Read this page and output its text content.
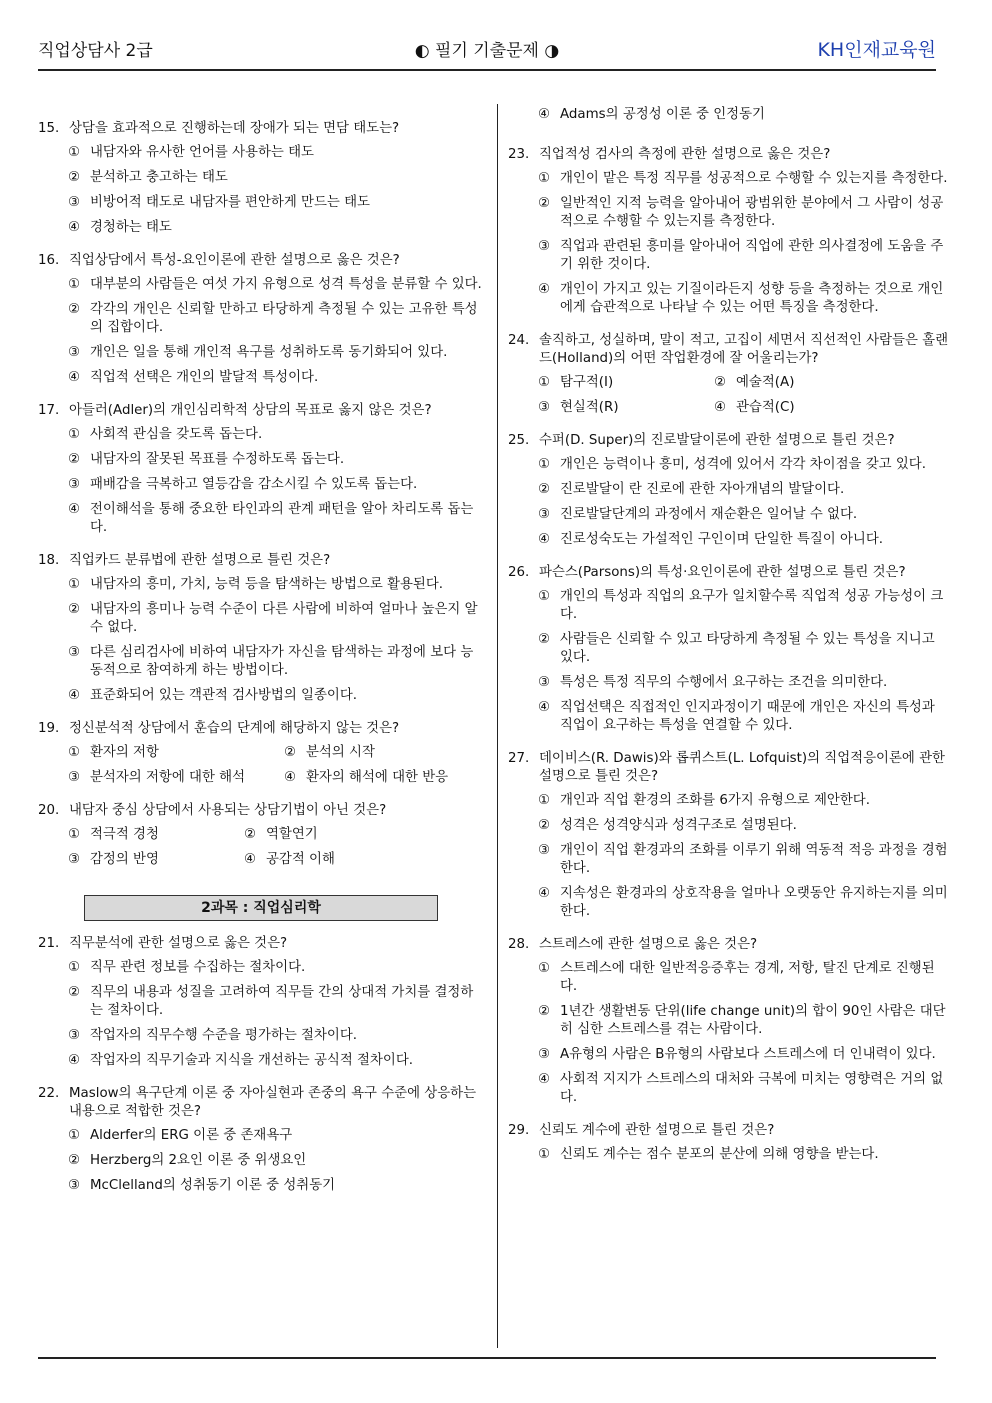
직업상담사 2급	◐ 필기 기출문제 ◑	KH인재교육원
15. 상담을 효과적으로 진행하는데 장애가 되는 면담 태도는?
① 내담자와 유사한 언어를 사용하는 태도
② 분석하고 충고하는 태도
③ 비방어적 태도로 내담자를 편안하게 만드는 태도
④ 경청하는 태도
16. 직업상담에서 특성-요인이론에 관한 설명으로 옳은 것은?
① 대부분의 사람들은 여섯 가지 유형으로 성격 특성을 분류할 수 있다.
② 각각의 개인은 신뢰할 만하고 타당하게 측정될 수 있는 고유한 특성의 집합이다.
③ 개인은 일을 통해 개인적 욕구를 성취하도록 동기화되어 있다.
④ 직업적 선택은 개인의 발달적 특성이다.
17. 아들러(Adler)의 개인심리학적 상담의 목표로 옳지 않은 것은?
① 사회적 관심을 갖도록 돕는다.
② 내담자의 잘못된 목표를 수정하도록 돕는다.
③ 패배감을 극복하고 열등감을 감소시킬 수 있도록 돕는다.
④ 전이해석을 통해 중요한 타인과의 관계 패턴을 알아 차리도록 돕는다.
18. 직업카드 분류법에 관한 설명으로 틀린 것은?
① 내담자의 흥미, 가치, 능력 등을 탐색하는 방법으로 활용된다.
② 내담자의 흥미나 능력 수준이 다른 사람에 비하여 얼마나 높은지 알 수 없다.
③ 다른 심리검사에 비하여 내담자가 자신을 탐색하는 과정에 보다 능동적으로 참여하게 하는 방법이다.
④ 표준화되어 있는 객관적 검사방법의 일종이다.
19. 정신분석적 상담에서 훈습의 단계에 해당하지 않는 것은?
① 환자의 저항	② 분석의 시작
③ 분석자의 저항에 대한 해석	④ 환자의 해석에 대한 반응
20. 내담자 중심 상담에서 사용되는 상담기법이 아닌 것은?
① 적극적 경청	② 역할연기
③ 감정의 반영	④ 공감적 이해
2과목 : 직업심리학
21. 직무분석에 관한 설명으로 옳은 것은?
① 직무 관련 정보를 수집하는 절차이다.
② 직무의 내용과 성질을 고려하여 직무들 간의 상대적 가치를 결정하는 절차이다.
③ 작업자의 직무수행 수준을 평가하는 절차이다.
④ 작업자의 직무기술과 지식을 개선하는 공식적 절차이다.
22. Maslow의 욕구단계 이론 중 자아실현과 존중의 욕구 수준에 상응하는 내용으로 적합한 것은?
① Alderfer의 ERG 이론 중 존재욕구
② Herzberg의 2요인 이론 중 위생요인
③ McClelland의 성취동기 이론 중 성취동기
④ Adams의 공정성 이론 중 인정동기
23. 직업적성 검사의 측정에 관한 설명으로 옳은 것은?
① 개인이 맡은 특정 직무를 성공적으로 수행할 수 있는지를 측정한다.
② 일반적인 지적 능력을 알아내어 광범위한 분야에서 그 사람이 성공적으로 수행할 수 있는지를 측정한다.
③ 직업과 관련된 흥미를 알아내어 직업에 관한 의사결정에 도움을 주기 위한 것이다.
④ 개인이 가지고 있는 기질이라든지 성향 등을 측정하는 것으로 개인에게 습관적으로 나타날 수 있는 어떤 특징을 측정한다.
24. 솔직하고, 성실하며, 말이 적고, 고집이 세면서 직선적인 사람들은 홀랜드(Holland)의 어떤 작업환경에 잘 어울리는가?
① 탐구적(I)	② 예술적(A)
③ 현실적(R)	④ 관습적(C)
25. 수퍼(D. Super)의 진로발달이론에 관한 설명으로 틀린 것은?
① 개인은 능력이나 흥미, 성격에 있어서 각각 차이점을 갖고 있다.
② 진로발달이 란 진로에 관한 자아개념의 발달이다.
③ 진로발달단계의 과정에서 재순환은 일어날 수 없다.
④ 진로성숙도는 가설적인 구인이며 단일한 특질이 아니다.
26. 파슨스(Parsons)의 특성·요인이론에 관한 설명으로 틀린 것은?
① 개인의 특성과 직업의 요구가 일치할수록 직업적 성공 가능성이 크다.
② 사람들은 신뢰할 수 있고 타당하게 측정될 수 있는 특성을 지니고 있다.
③ 특성은 특정 직무의 수행에서 요구하는 조건을 의미한다.
④ 직업선택은 직접적인 인지과정이기 때문에 개인은 자신의 특성과 직업이 요구하는 특성을 연결할 수 있다.
27. 데이비스(R. Dawis)와 롭퀴스트(L. Lofquist)의 직업적응이론에 관한 설명으로 틀린 것은?
① 개인과 직업 환경의 조화를 6가지 유형으로 제안한다.
② 성격은 성격양식과 성격구조로 설명된다.
③ 개인이 직업 환경과의 조화를 이루기 위해 역동적 적응 과정을 경험한다.
④ 지속성은 환경과의 상호작용을 얼마나 오랫동안 유지하는지를 의미한다.
28. 스트레스에 관한 설명으로 옳은 것은?
① 스트레스에 대한 일반적응증후는 경계, 저항, 탈진 단계로 진행된다.
② 1년간 생활변동 단위(life change unit)의 합이 90인 사람은 대단히 심한 스트레스를 겪는 사람이다.
③ A유형의 사람은 B유형의 사람보다 스트레스에 더 인내력이 있다.
④ 사회적 지지가 스트레스의 대처와 극복에 미치는 영향력은 거의 없다.
29. 신뢰도 계수에 관한 설명으로 틀린 것은?
① 신뢰도 계수는 점수 분포의 분산에 의해 영향을 받는다.
